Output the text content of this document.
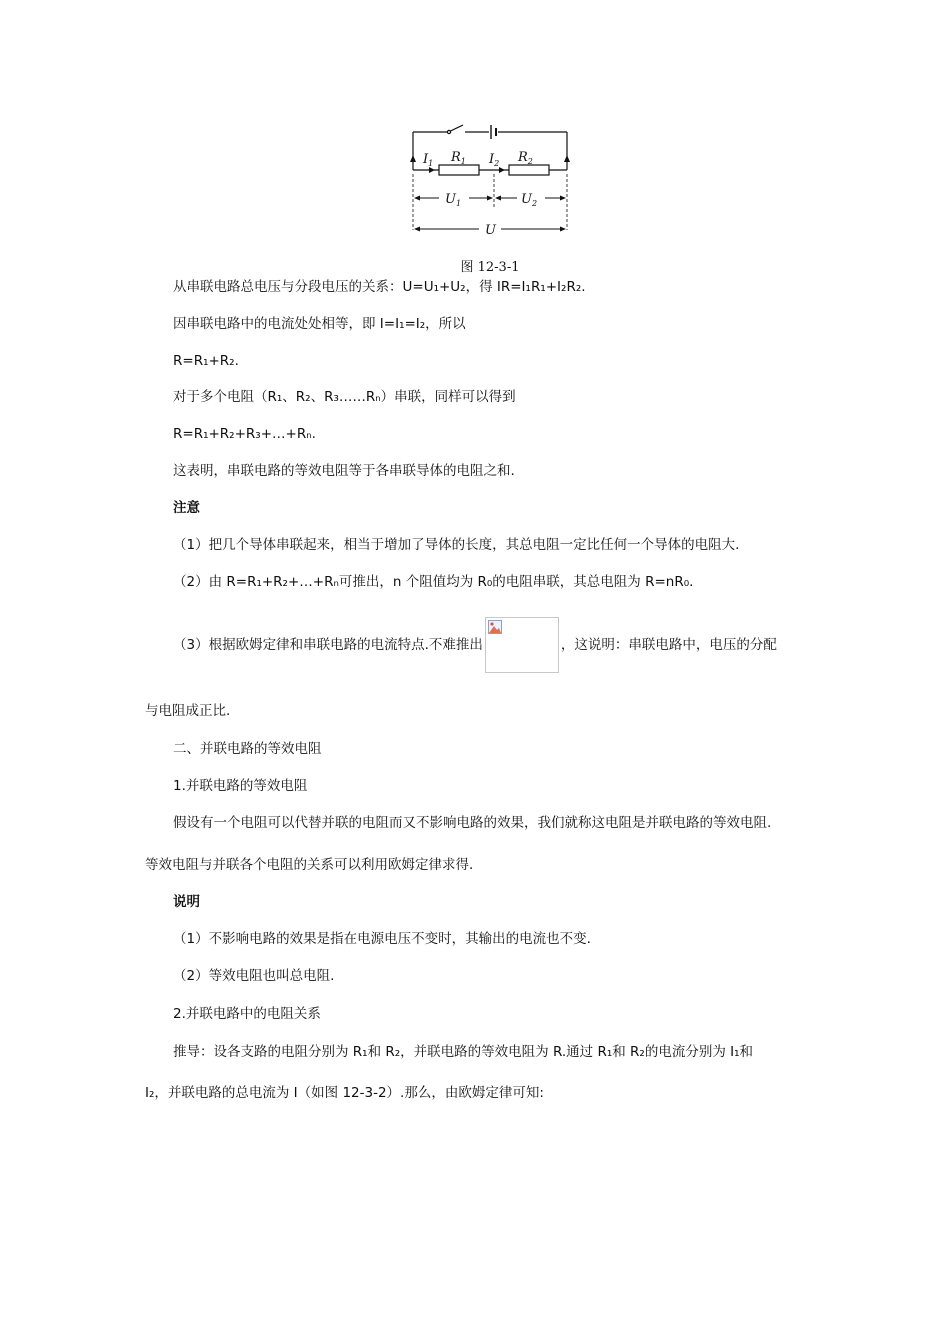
$I_1$ $R_1$ $I_2$ $R_2$
$U_1$	$U_2$
U
图 12-3-1
从串联电路总电压与分段电压的关系：U=U₁+U₂，得 IR=I₁R₁+I₂R₂.
因串联电路中的电流处处相等，即 I=I₁=I₂，所以
R=R₁+R₂.
对于多个电阻（R₁、R₂、R₃……Rₙ）串联，同样可以得到
R=R₁+R₂+R₃+…+Rₙ.
这表明，串联电路的等效电阻等于各串联导体的电阻之和.
注意
（1）把几个导体串联起来，相当于增加了导体的长度，其总电阻一定比任何一个导体的电阻大.
（2）由 R=R₁+R₂+…+Rₙ可推出，n 个阻值均为 R₀的电阻串联，其总电阻为 R=nR₀.
（3）根据欧姆定律和串联电路的电流特点.不难推出	，这说明：串联电路中，电压的分配
与电阻成正比.
二、并联电路的等效电阻
1.并联电路的等效电阻
假设有一个电阻可以代替并联的电阻而又不影响电路的效果，我们就称这电阻是并联电路的等效电阻.
等效电阻与并联各个电阻的关系可以利用欧姆定律求得.
说明
（1）不影响电路的效果是指在电源电压不变时，其输出的电流也不变.
（2）等效电阻也叫总电阻.
2.并联电路中的电阻关系
推导：设各支路的电阻分别为 R₁和 R₂，并联电路的等效电阻为 R.通过 R₁和 R₂的电流分别为 I₁和
I₂，并联电路的总电流为 I（如图 12-3-2）.那么，由欧姆定律可知:
